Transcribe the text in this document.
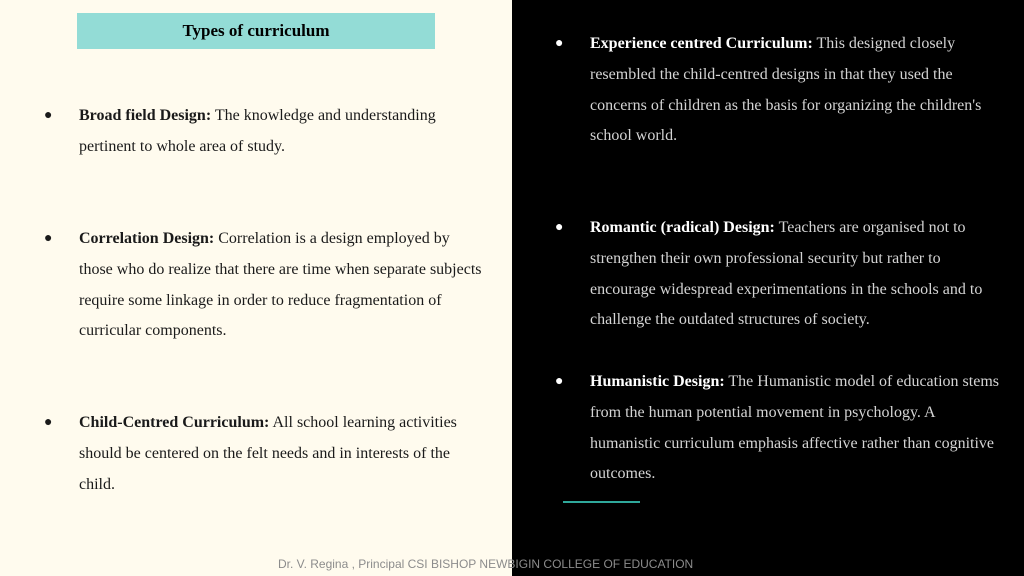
Types of curriculum
● Broad field Design: The knowledge and understanding pertinent to whole area of study.
● Correlation Design: Correlation is a design employed by those who do realize that there are time when separate subjects require some linkage in order to reduce fragmentation of curricular components.
● Child-Centred Curriculum: All school learning activities should be centered on the felt needs and in interests of the child.
● Experience centred Curriculum: This designed closely resembled the child-centred designs in that they used the concerns of children as the basis for organizing the children's school world.
● Romantic (radical) Design: Teachers are organised not to strengthen their own professional security but rather to encourage widespread experimentations in the schools and to challenge the outdated structures of society.
● Humanistic Design: The Humanistic model of education stems from the human potential movement in psychology. A humanistic curriculum emphasis affective rather than cognitive outcomes.
Dr. V. Regina , Principal CSI BISHOP NEWBIGIN COLLEGE OF EDUCATION
